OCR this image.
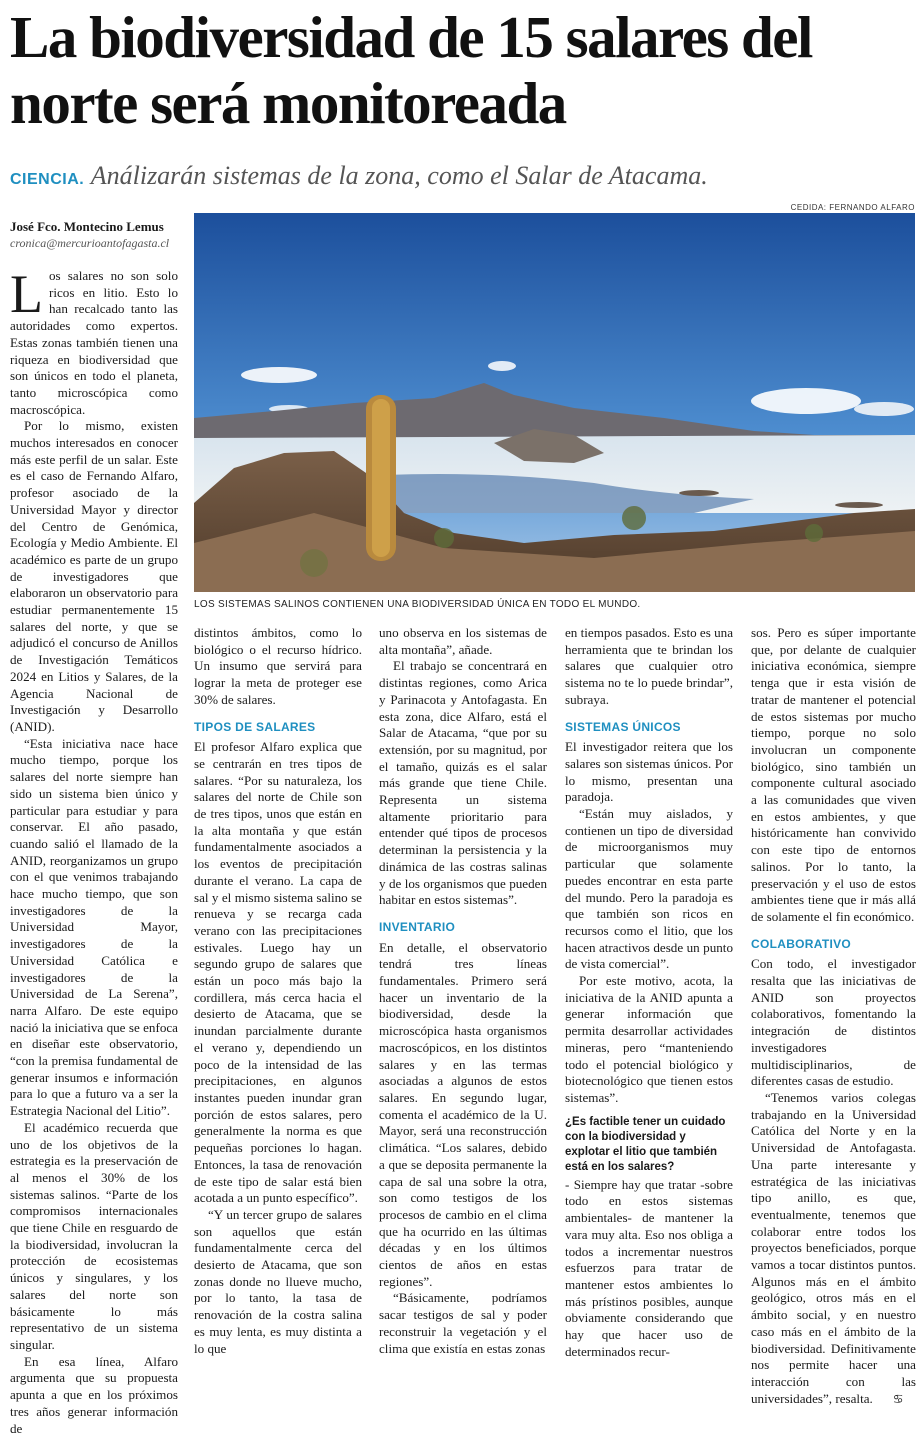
La biodiversidad de 15 salares del norte será monitoreada
CIENCIA. Análizarán sistemas de la zona, como el Salar de Atacama.
CEDIDA: FERNANDO ALFARO
José Fco. Montecino Lemus
cronica@mercurioantofagasta.cl
LOS SISTEMAS SALINOS CONTIENEN UNA BIODIVERSIDAD ÚNICA EN TODO EL MUNDO.

Los salares no son solo ricos en litio. Esto lo han recalcado tanto las autoridades como expertos. Estas zonas también tienen una riqueza en biodiversidad que son únicos en todo el planeta, tanto microscópica como macroscópica.

Por lo mismo, existen muchos interesados en conocer más este perfil de un salar. Este es el caso de Fernando Alfaro, profesor asociado de la Universidad Mayor y director del Centro de Genómica, Ecología y Medio Ambiente. El académico es parte de un grupo de investigadores que elaboraron un observatorio para estudiar permanentemente 15 salares del norte, y que se adjudicó el concurso de Anillos de Investigación Temáticos 2024 en Litios y Salares, de la Agencia Nacional de Investigación y Desarrollo (ANID).

“Esta iniciativa nace hace mucho tiempo, porque los salares del norte siempre han sido un sistema bien único y particular para estudiar y para conservar. El año pasado, cuando salió el llamado de la ANID, reorganizamos un grupo con el que venimos trabajando hace mucho tiempo, que son investigadores de la Universidad Mayor, investigadores de la Universidad Católica e investigadores de la Universidad de La Serena”, narra Alfaro. De este equipo nació la iniciativa que se enfoca en diseñar este observatorio, “con la premisa fundamental de generar insumos e información para lo que a futuro va a ser la Estrategia Nacional del Litio”.

El académico recuerda que uno de los objetivos de la estrategia es la preservación de al menos el 30% de los sistemas salinos. “Parte de los compromisos internacionales que tiene Chile en resguardo de la biodiversidad, involucran la protección de ecosistemas únicos y singulares, y los salares del norte son básicamente lo más representativo de un sistema singular.

En esa línea, Alfaro argumenta que su propuesta apunta a que en los próximos tres años generar información de

distintos ámbitos, como lo biológico o el recurso hídrico. Un insumo que servirá para lograr la meta de proteger ese 30% de salares.

TIPOS DE SALARES

El profesor Alfaro explica que se centrarán en tres tipos de salares. “Por su naturaleza, los salares del norte de Chile son de tres tipos, unos que están en la alta montaña y que están fundamentalmente asociados a los eventos de precipitación durante el verano. La capa de sal y el mismo sistema salino se renueva y se recarga cada verano con las precipitaciones estivales. Luego hay un segundo grupo de salares que están un poco más bajo la cordillera, más cerca hacia el desierto de Atacama, que se inundan parcialmente durante el verano y, dependiendo un poco de la intensidad de las precipitaciones, en algunos instantes pueden inundar gran porción de estos salares, pero generalmente la norma es que pequeñas porciones lo hagan. Entonces, la tasa de renovación de este tipo de salar está bien acotada a un punto específico”.

“Y un tercer grupo de salares son aquellos que están fundamentalmente cerca del desierto de Atacama, que son zonas donde no llueve mucho, por lo tanto, la tasa de renovación de la costra salina es muy lenta, es muy distinta a lo que

uno observa en los sistemas de alta montaña”, añade.

El trabajo se concentrará en distintas regiones, como Arica y Parinacota y Antofagasta. En esta zona, dice Alfaro, está el Salar de Atacama, “que por su extensión, por su magnitud, por el tamaño, quizás es el salar más grande que tiene Chile. Representa un sistema altamente prioritario para entender qué tipos de procesos determinan la persistencia y la dinámica de las costras salinas y de los organismos que pueden habitar en estos sistemas”.

INVENTARIO

En detalle, el observatorio tendrá tres líneas fundamentales. Primero será hacer un inventario de la biodiversidad, desde la microscópica hasta organismos macroscópicos, en los distintos salares y en las termas asociadas a algunos de estos salares. En segundo lugar, comenta el académico de la U. Mayor, será una reconstrucción climática. “Los salares, debido a que se deposita permanente la capa de sal una sobre la otra, son como testigos de los procesos de cambio en el clima que ha ocurrido en las últimas décadas y en los últimos cientos de años en estas regiones”.

“Básicamente, podríamos sacar testigos de sal y poder reconstruir la vegetación y el clima que existía en estas zonas

en tiempos pasados. Esto es una herramienta que te brindan los salares que cualquier otro sistema no te lo puede brindar”, subraya.

SISTEMAS ÚNICOS

El investigador reitera que los salares son sistemas únicos. Por lo mismo, presentan una paradoja.

“Están muy aislados, y contienen un tipo de diversidad de microorganismos muy particular que solamente puedes encontrar en esta parte del mundo. Pero la paradoja es que también son ricos en recursos como el litio, que los hacen atractivos desde un punto de vista comercial”.

Por este motivo, acota, la iniciativa de la ANID apunta a generar información que permita desarrollar actividades mineras, pero “manteniendo todo el potencial biológico y biotecnológico que tienen estos sistemas”.

¿Es factible tener un cuidado con la biodiversidad y explotar el litio que también está en los salares?

- Siempre hay que tratar -sobre todo en estos sistemas ambientales- de mantener la vara muy alta. Eso nos obliga a todos a incrementar nuestros esfuerzos para tratar de mantener estos ambientes lo más prístinos posibles, aunque obviamente considerando que hay que hacer uso de determinados recur-

sos. Pero es súper importante que, por delante de cualquier iniciativa económica, siempre tenga que ir esta visión de tratar de mantener el potencial de estos sistemas por mucho tiempo, porque no solo involucran un componente biológico, sino también un componente cultural asociado a las comunidades que viven en estos ambientes, y que históricamente han convivido con este tipo de entornos salinos. Por lo tanto, la preservación y el uso de estos ambientes tiene que ir más allá de solamente el fin económico.

COLABORATIVO

Con todo, el investigador resalta que las iniciativas de ANID son proyectos colaborativos, fomentando la integración de distintos investigadores multidisciplinarios, de diferentes casas de estudio.

“Tenemos varios colegas trabajando en la Universidad Católica del Norte y en la Universidad de Antofagasta. Una parte interesante y estratégica de las iniciativas tipo anillo, es que, eventualmente, tenemos que colaborar entre todos los proyectos beneficiados, porque vamos a tocar distintos puntos. Algunos más en el ámbito geológico, otros más en el ámbito social, y en nuestro caso más en el ámbito de la biodiversidad. Definitivamente nos permite hacer una interacción con las universidades”, resalta. ♋
